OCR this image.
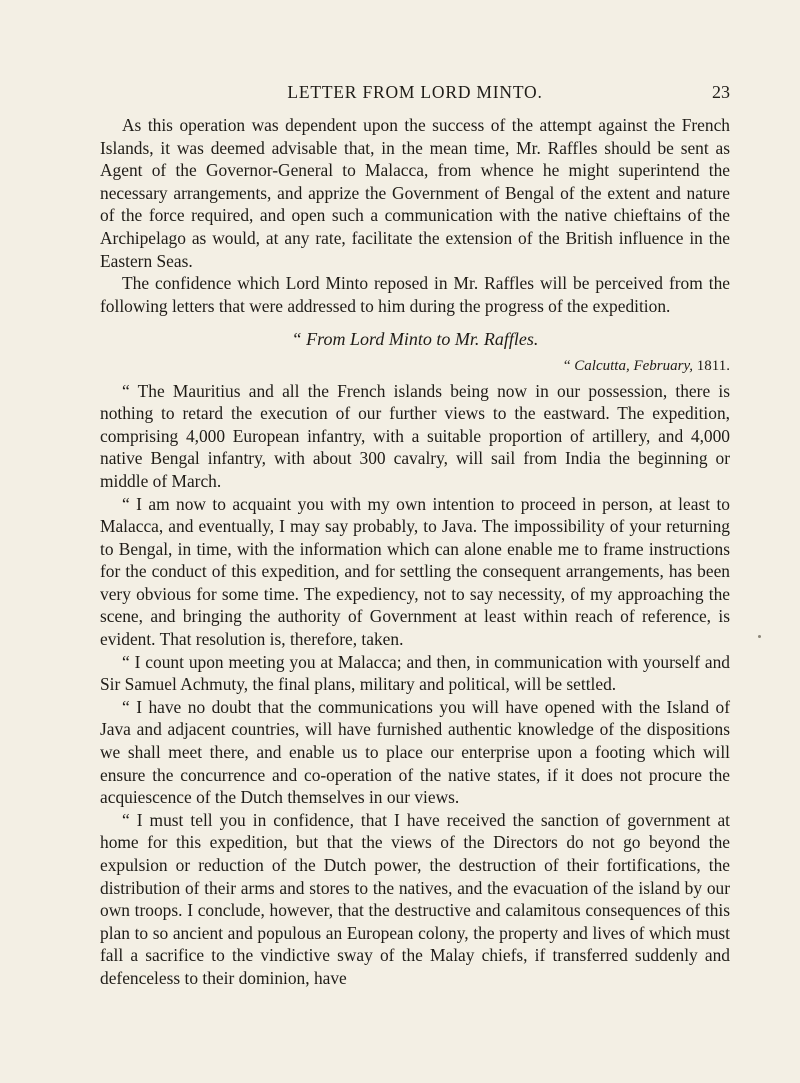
LETTER FROM LORD MINTO.	23

As this operation was dependent upon the success of the attempt against the French Islands, it was deemed advisable that, in the mean time, Mr. Raffles should be sent as Agent of the Governor-General to Malacca, from whence he might superintend the necessary arrangements, and apprize the Government of Bengal of the extent and nature of the force required, and open such a communication with the native chieftains of the Archipelago as would, at any rate, facilitate the extension of the British influence in the Eastern Seas.

The confidence which Lord Minto reposed in Mr. Raffles will be perceived from the following letters that were addressed to him during the progress of the expedition.

“ From Lord Minto to Mr. Raffles.

“ Calcutta, February, 1811.

“ The Mauritius and all the French islands being now in our possession, there is nothing to retard the execution of our further views to the eastward. The expedition, comprising 4,000 European infantry, with a suitable proportion of artillery, and 4,000 native Bengal infantry, with about 300 cavalry, will sail from India the beginning or middle of March.

“ I am now to acquaint you with my own intention to proceed in person, at least to Malacca, and eventually, I may say probably, to Java. The impossibility of your returning to Bengal, in time, with the information which can alone enable me to frame instructions for the conduct of this expedition, and for settling the consequent arrangements, has been very obvious for some time. The expediency, not to say necessity, of my approaching the scene, and bringing the authority of Government at least within reach of reference, is evident. That resolution is, therefore, taken.

“ I count upon meeting you at Malacca; and then, in communication with yourself and Sir Samuel Achmuty, the final plans, military and political, will be settled.

“ I have no doubt that the communications you will have opened with the Island of Java and adjacent countries, will have furnished authentic knowledge of the dispositions we shall meet there, and enable us to place our enterprise upon a footing which will ensure the concurrence and co-operation of the native states, if it does not procure the acquiescence of the Dutch themselves in our views.

“ I must tell you in confidence, that I have received the sanction of government at home for this expedition, but that the views of the Directors do not go beyond the expulsion or reduction of the Dutch power, the destruction of their fortifications, the distribution of their arms and stores to the natives, and the evacuation of the island by our own troops. I conclude, however, that the destructive and calamitous consequences of this plan to so ancient and populous an European colony, the property and lives of which must fall a sacrifice to the vindictive sway of the Malay chiefs, if transferred suddenly and defenceless to their dominion, have
